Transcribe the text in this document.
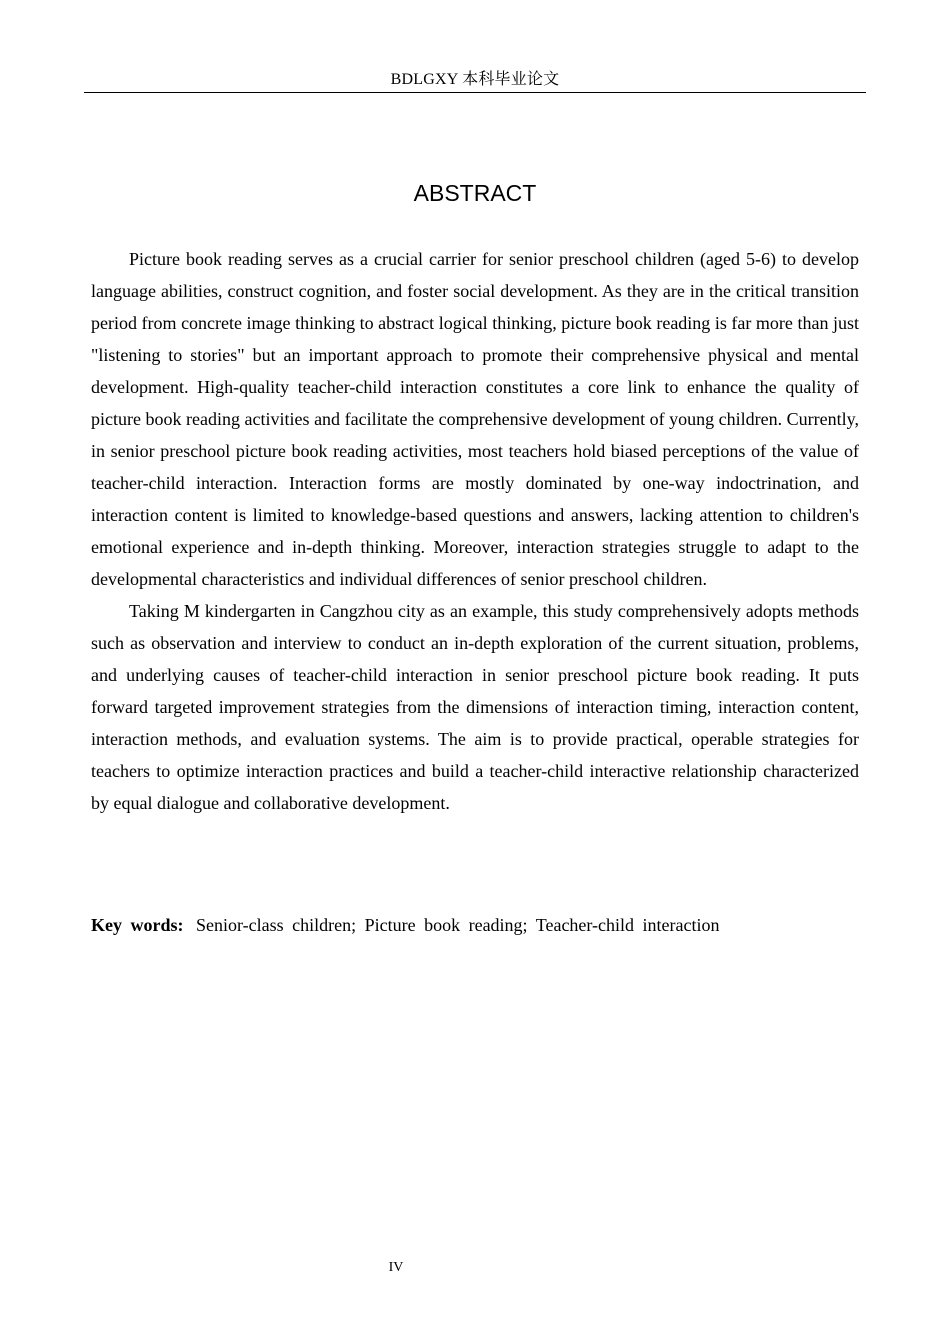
BDLGXY 本科毕业论文
ABSTRACT

Picture book reading serves as a crucial carrier for senior preschool children (aged 5-6) to develop language abilities, construct cognition, and foster social development. As they are in the critical transition period from concrete image thinking to abstract logical thinking, picture book reading is far more than just "listening to stories" but an important approach to promote their comprehensive physical and mental development. High-quality teacher-child interaction constitutes a core link to enhance the quality of picture book reading activities and facilitate the comprehensive development of young children. Currently, in senior preschool picture book reading activities, most teachers hold biased perceptions of the value of teacher-child interaction. Interaction forms are mostly dominated by one-way indoctrination, and interaction content is limited to knowledge-based questions and answers, lacking attention to children's emotional experience and in-depth thinking. Moreover, interaction strategies struggle to adapt to the developmental characteristics and individual differences of senior preschool children.

Taking M kindergarten in Cangzhou city as an example, this study comprehensively adopts methods such as observation and interview to conduct an in-depth exploration of the current situation, problems, and underlying causes of teacher-child interaction in senior preschool picture book reading. It puts forward targeted improvement strategies from the dimensions of interaction timing, interaction content, interaction methods, and evaluation systems. The aim is to provide practical, operable strategies for teachers to optimize interaction practices and build a teacher-child interactive relationship characterized by equal dialogue and collaborative development.

Key words: Senior-class children; Picture book reading; Teacher-child interaction
IV
